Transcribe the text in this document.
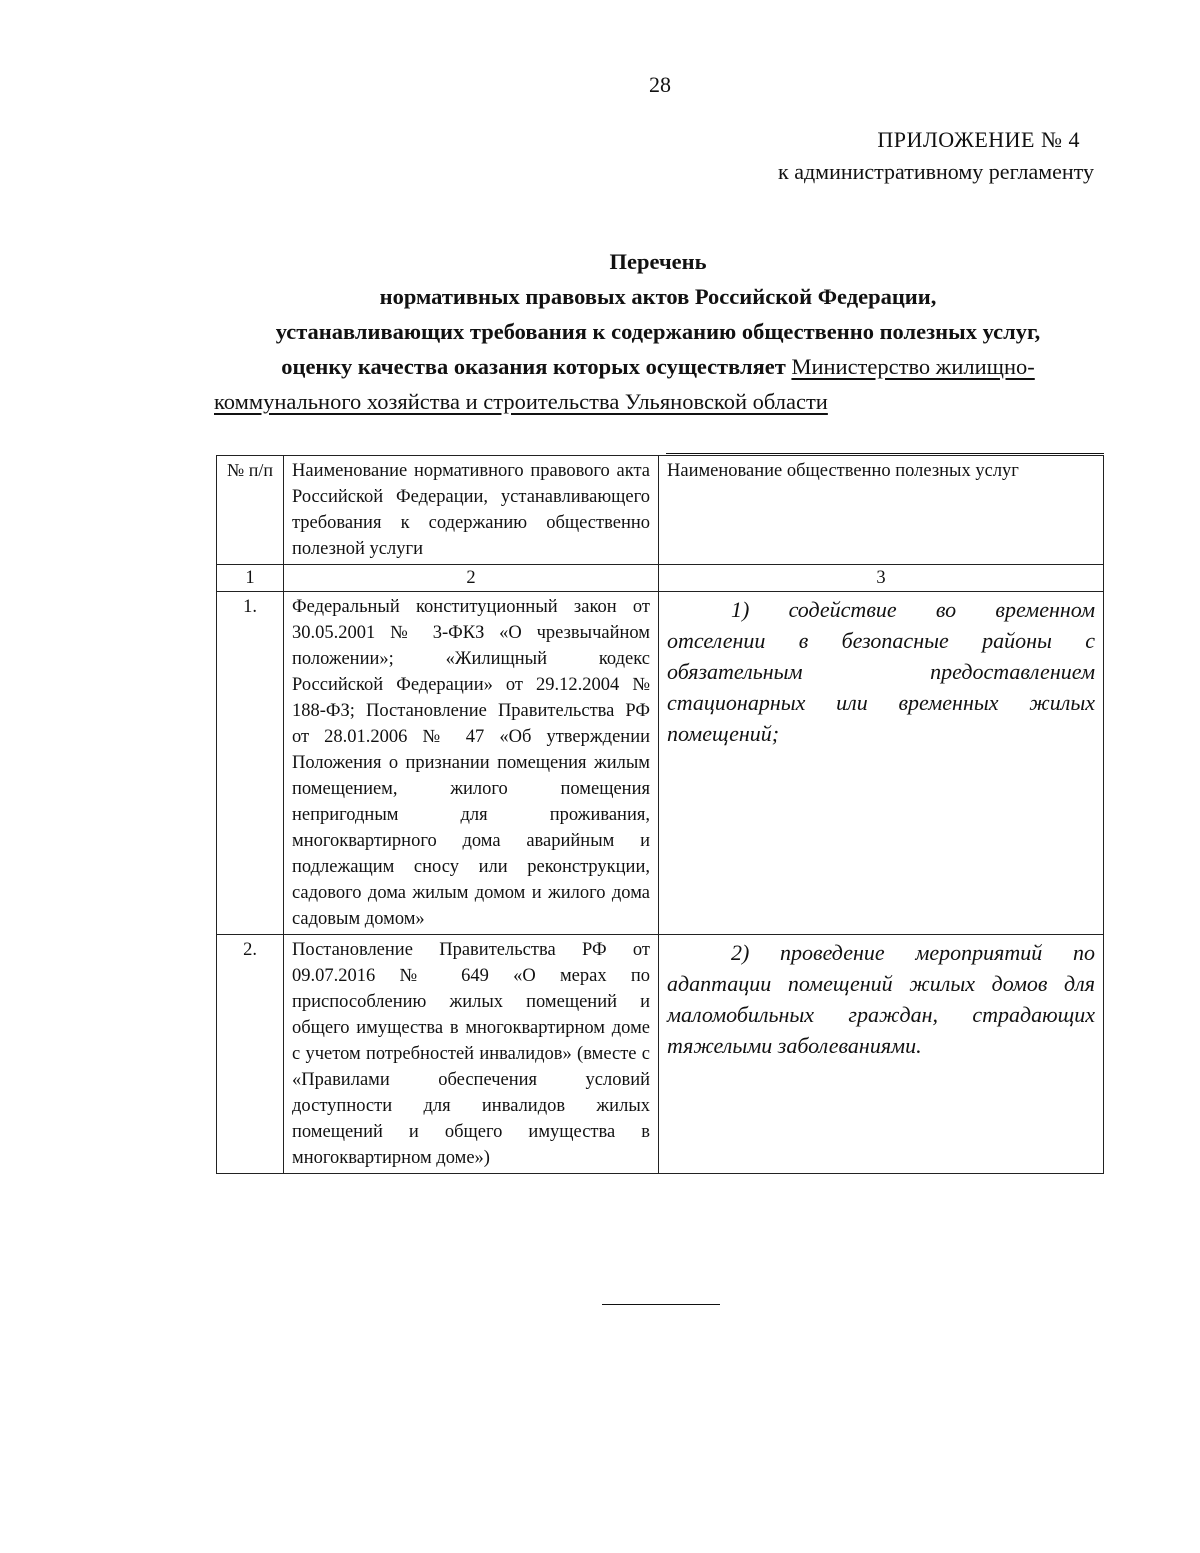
28
ПРИЛОЖЕНИЕ № 4
к административному регламенту
Перечень
нормативных правовых актов Российской Федерации,
устанавливающих требования к содержанию общественно полезных услуг,
оценку качества оказания которых осуществляет Министерство жилищно-
коммунального хозяйства и строительства Ульяновской области
№ п/п	Наименование нормативного правового акта Российской Федерации, устанавливающего требования к содержанию общественно полезной услуги	Наименование общественно полезных услуг
1	2	3
1.	Федеральный конституционный закон от 30.05.2001 № 3-ФКЗ «О чрезвычайном положении»; «Жилищный кодекс Российской Федерации» от 29.12.2004 № 188-ФЗ; Постановление Правительства РФ от 28.01.2006 № 47 «Об утверждении Положения о признании помещения жилым помещением, жилого помещения непригодным для проживания, многоквартирного дома аварийным и подлежащим сносу или реконструкции, садового дома жилым домом и жилого дома садовым домом»	1) содействие во временном отселении в безопасные районы с обязательным предоставлением стационарных или временных жилых помещений;

2.	Постановление Правительства РФ от 09.07.2016 № 649 «О мерах по приспособлению жилых помещений и общего имущества в многоквартирном доме с учетом потребностей инвалидов» (вместе с «Правилами обеспечения условий доступности для инвалидов жилых помещений и общего имущества в многоквартирном доме»)	2) проведение мероприятий по адаптации помещений жилых домов для маломобильных граждан, страдающих тяжелыми заболеваниями.
